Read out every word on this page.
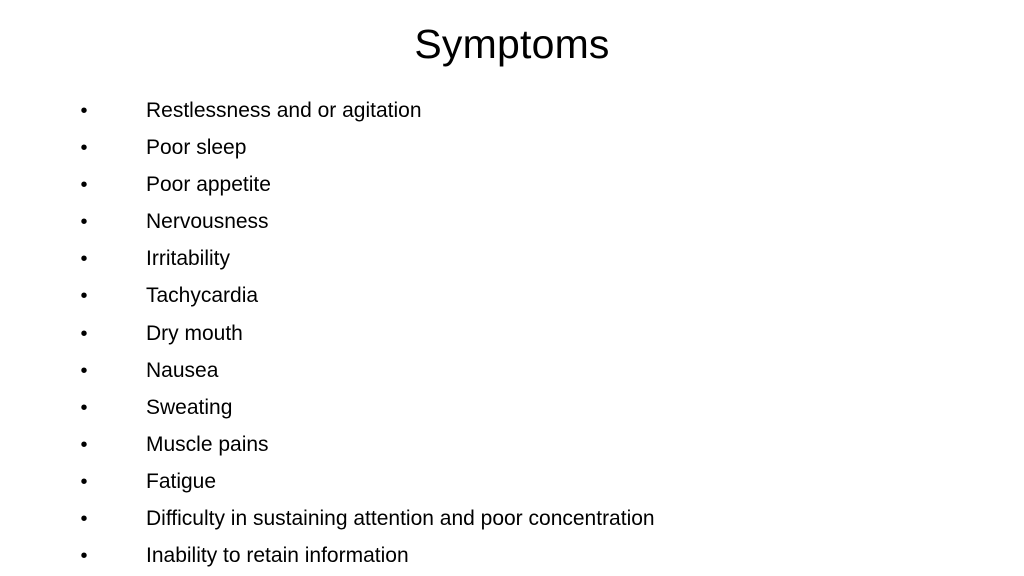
Symptoms
•	Restlessness and or agitation
•	Poor sleep
•	Poor appetite
•	Nervousness
•	Irritability
•	Tachycardia
•	Dry mouth
•	Nausea
•	Sweating
•	Muscle pains
•	Fatigue
•	Difficulty in sustaining attention and poor concentration
•	Inability to retain information
